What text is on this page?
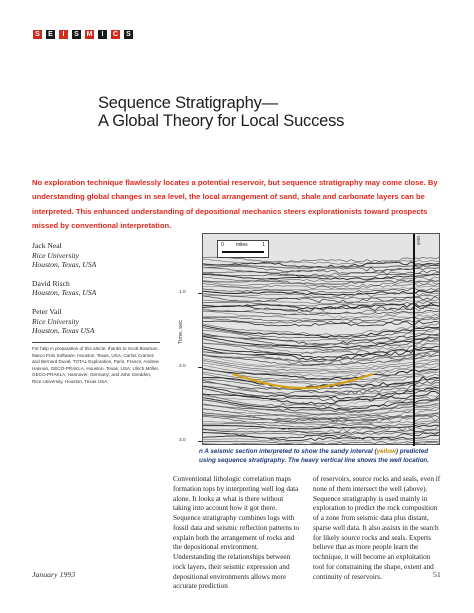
S	E	I	S	M	I	C	S
Sequence Stratigraphy—
A Global Theory for Local Success
No exploration technique flawlessly locates a potential reservoir, but sequence stratigraphy may come close. By understanding global changes in sea level, the local arrangement of sand, shale and carbonate layers can be interpreted. This enhanced understanding of depositional mechanics steers explorationists toward prospects missed by conventional interpretation.
Jack Neal
Rice University
Houston, Texas, USA
David Risch
Houston, Texas, USA
Peter Vail
Rice University
Houston, Texas USA
For help in preparation of this article, thanks to Scott Bowman, Marco Polo Software, Houston, Texas, USA; Carlos Cramez and Bernard Duval, TOTAL Exploration, Paris, France; Andrew Hannan, GECO-PRAKLA, Houston, Texas, USA; Ulrich Möller, GECO-PRAKLA, Hannover, Germany; and John Snedden, Rice University, Houston, Texas USA.
Time, sec
1.0
2.0
3.0
0 miles	1
Well
n A seismic section interpreted to show the sandy interval (yellow) predicted using sequence stratigraphy. The heavy vertical line shows the well location.
Conventional lithologic correlation maps formation tops by interpreting well log data alone. It looks at what is there without taking into account how it got there. Sequence stratigraphy combines logs with fossil data and seismic reflection patterns to explain both the arrangement of rocks and the depositional environment. Understanding the relationships between rock layers, their seismic expression and depositional environments allows more accurate prediction
of reservoirs, source rocks and seals, even if none of them intersect the well (above). Sequence stratigraphy is used mainly in exploration to predict the rock composition of a zone from seismic data plus distant, sparse well data. It also assists in the search for likely source rocks and seals. Experts believe that as more people learn the technique, it will become an exploitation tool for constraining the shape, extent and continuity of reservoirs.
January 1993	51
